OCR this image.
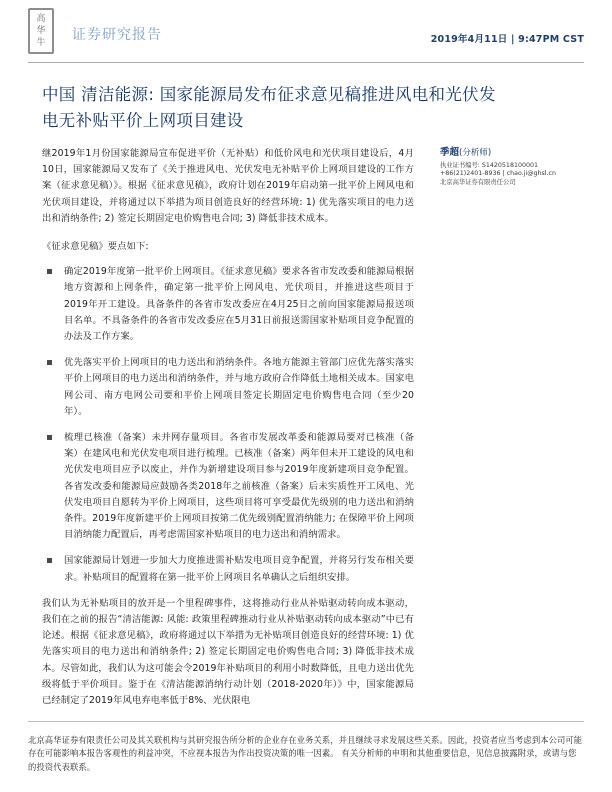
高
华
牛 证券研究报告	2019年4月11日 | 9:47PM CST
中国 清洁能源: 国家能源局发布征求意见稿推进风电和光伏发电无补贴平价上网项目建设

继2019年1月份国家能源局宣布促进平价（无补贴）和低价风电和光伏项目建设后，4月10日，国家能源局又发布了《关于推进风电、光伏发电无补贴平价上网项目建设的工作方案（征求意见稿）》。根据《征求意见稿》，政府计划在2019年启动第一批平价上网风电和光伏项目建设，并将通过以下举措为项目创造良好的经营环境: 1) 优先落实项目的电力送出和消纳条件; 2) 签定长期固定电价购售电合同; 3) 降低非技术成本。

《征求意见稿》要点如下:

确定2019年度第一批平价上网项目。《征求意见稿》要求各省市发改委和能源局根据地方资源和上网条件，确定第一批平价上网风电、光伏项目，并推进这些项目于2019年开工建设。具备条件的各省市发改委应在4月25日之前向国家能源局报送项目名单。不具备条件的各省市发改委应在5月31日前报送需国家补贴项目竞争配置的办法及工作方案。
优先落实平价上网项目的电力送出和消纳条件。各地方能源主管部门应优先落实落实平价上网项目的电力送出和消纳条件，并与地方政府合作降低土地相关成本。国家电网公司、南方电网公司要和平价上网项目签定长期固定电价购售电合同（至少20年）。
梳理已核准（备案）未并网存量项目。各省市发展改革委和能源局要对已核准（备案）在建风电和光伏发电项目进行梳理。已核准（备案）两年但未开工建设的风电和光伏发电项目应予以废止，并作为新增建设项目参与2019年度新建项目竞争配置。各省发改委和能源局应鼓励各类2018年之前核准（备案）后未实质性开工风电、光伏发电项目自愿转为平价上网项目，这些项目将可享受最优先级别的电力送出和消纳条件。2019年度新建平价上网项目按第二优先级别配置消纳能力; 在保障平价上网项目消纳能力配置后，再考虑需国家补贴项目的电力送出和消纳需求。
国家能源局计划进一步加大力度推进需补贴发电项目竞争配置，并将另行发布相关要求。补贴项目的配置将在第一批平价上网项目名单确认之后组织安排。

我们认为无补贴项目的放开是一个里程碑事件，这将推动行业从补贴驱动转向成本驱动，我们在之前的报告“清洁能源: 风能: 政策里程碑推动行业从补贴驱动转向成本驱动”中已有论述。根据《征求意见稿》，政府将通过以下举措为无补贴项目创造良好的经营环境: 1) 优先落实项目的电力送出和消纳条件; 2) 签定长期固定电价购售电合同; 3) 降低非技术成本。尽管如此，我们认为这可能会令2019年补贴项目的利用小时数降低，且电力送出优先级将低于平价项目。鉴于在《清洁能源消纳行动计划（2018-2020年）》中，国家能源局已经制定了2019年风电弃电率低于8%、光伏限电

季超(分析师)

执业证书编号: S1420518100001

+86(21)2401-8936 | chao.ji@ghsl.cn

北京高华证券有限责任公司

北京高华证券有限责任公司及其关联机构与其研究报告所分析的企业存在业务关系，并且继续寻求发展这些关系。因此，投资者应当考虑到本公司可能存在可能影响本报告客观性的利益冲突，不应视本报告为作出投资决策的唯一因素。 有关分析师的申明和其他重要信息，见信息披露附录，或请与您的投资代表联系。
